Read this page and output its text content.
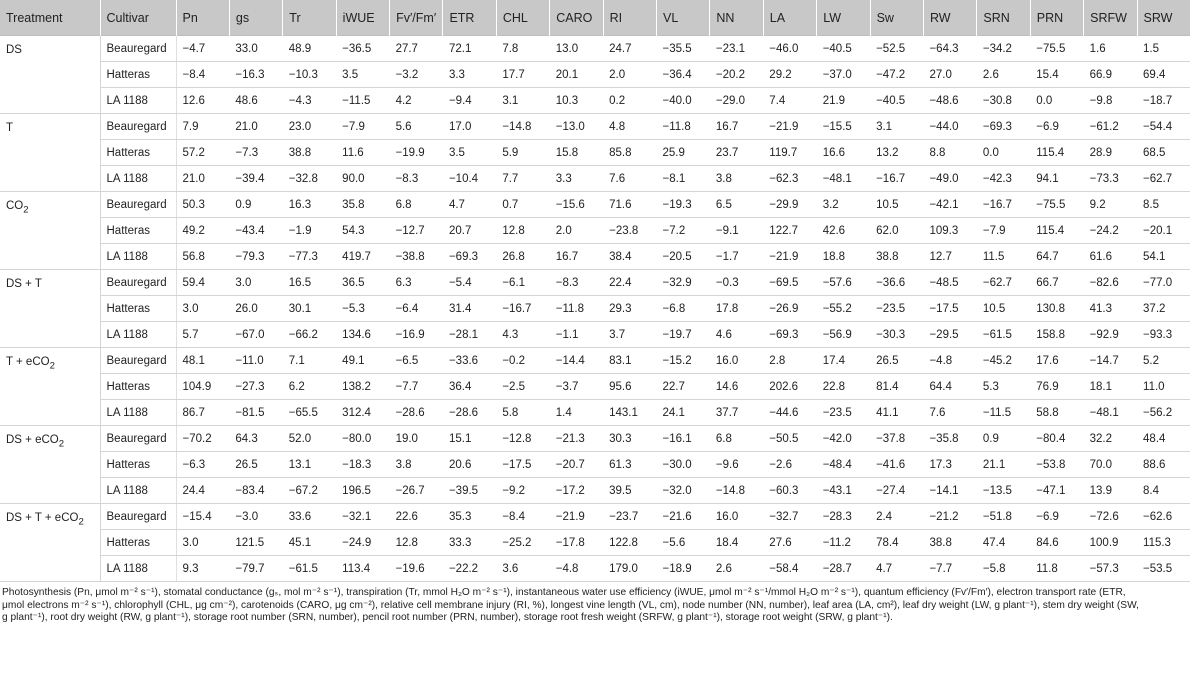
Treatment	Cultivar	Pn	gs	Tr	iWUE	Fv′/Fm′	ETR	CHL	CARO	RI	VL	NN	LA	LW	Sw	RW	SRN	PRN	SRFW	SRW
DS	Beauregard	−4.7	33.0	48.9	−36.5	27.7	72.1	7.8	13.0	24.7	−35.5	−23.1	−46.0	−40.5	−52.5	−64.3	−34.2	−75.5	1.6	1.5
	Hatteras	−8.4	−16.3	−10.3	3.5	−3.2	3.3	17.7	20.1	2.0	−36.4	−20.2	29.2	−37.0	−47.2	27.0	2.6	15.4	66.9	69.4
	LA 1188	12.6	48.6	−4.3	−11.5	4.2	−9.4	3.1	10.3	0.2	−40.0	−29.0	7.4	21.9	−40.5	−48.6	−30.8	0.0	−9.8	−18.7
T	Beauregard	7.9	21.0	23.0	−7.9	5.6	17.0	−14.8	−13.0	4.8	−11.8	16.7	−21.9	−15.5	3.1	−44.0	−69.3	−6.9	−61.2	−54.4
	Hatteras	57.2	−7.3	38.8	11.6	−19.9	3.5	5.9	15.8	85.8	25.9	23.7	119.7	16.6	13.2	8.8	0.0	115.4	28.9	68.5
	LA 1188	21.0	−39.4	−32.8	90.0	−8.3	−10.4	7.7	3.3	7.6	−8.1	3.8	−62.3	−48.1	−16.7	−49.0	−42.3	94.1	−73.3	−62.7
$CO_2$	Beauregard	50.3	0.9	16.3	35.8	6.8	4.7	0.7	−15.6	71.6	−19.3	6.5	−29.9	3.2	10.5	−42.1	−16.7	−75.5	9.2	8.5
	Hatteras	49.2	−43.4	−1.9	54.3	−12.7	20.7	12.8	2.0	−23.8	−7.2	−9.1	122.7	42.6	62.0	109.3	−7.9	115.4	−24.2	−20.1
	LA 1188	56.8	−79.3	−77.3	419.7	−38.8	−69.3	26.8	16.7	38.4	−20.5	−1.7	−21.9	18.8	38.8	12.7	11.5	64.7	61.6	54.1
DS + T	Beauregard	59.4	3.0	16.5	36.5	6.3	−5.4	−6.1	−8.3	22.4	−32.9	−0.3	−69.5	−57.6	−36.6	−48.5	−62.7	66.7	−82.6	−77.0
	Hatteras	3.0	26.0	30.1	−5.3	−6.4	31.4	−16.7	−11.8	29.3	−6.8	17.8	−26.9	−55.2	−23.5	−17.5	10.5	130.8	41.3	37.2
	LA 1188	5.7	−67.0	−66.2	134.6	−16.9	−28.1	4.3	−1.1	3.7	−19.7	4.6	−69.3	−56.9	−30.3	−29.5	−61.5	158.8	−92.9	−93.3
T + eCO$_2$	Beauregard	48.1	−11.0	7.1	49.1	−6.5	−33.6	−0.2	−14.4	83.1	−15.2	16.0	2.8	17.4	26.5	−4.8	−45.2	17.6	−14.7	5.2
	Hatteras	104.9	−27.3	6.2	138.2	−7.7	36.4	−2.5	−3.7	95.6	22.7	14.6	202.6	22.8	81.4	64.4	5.3	76.9	18.1	11.0
	LA 1188	86.7	−81.5	−65.5	312.4	−28.6	−28.6	5.8	1.4	143.1	24.1	37.7	−44.6	−23.5	41.1	7.6	−11.5	58.8	−48.1	−56.2
DS + eCO$_2$	Beauregard	−70.2	64.3	52.0	−80.0	19.0	15.1	−12.8	−21.3	30.3	−16.1	6.8	−50.5	−42.0	−37.8	−35.8	0.9	−80.4	32.2	48.4
	Hatteras	−6.3	26.5	13.1	−18.3	3.8	20.6	−17.5	−20.7	61.3	−30.0	−9.6	−2.6	−48.4	−41.6	17.3	21.1	−53.8	70.0	88.6
	LA 1188	24.4	−83.4	−67.2	196.5	−26.7	−39.5	−9.2	−17.2	39.5	−32.0	−14.8	−60.3	−43.1	−27.4	−14.1	−13.5	−47.1	13.9	8.4
DS + T + eCO$_2$	Beauregard	−15.4	−3.0	33.6	−32.1	22.6	35.3	−8.4	−21.9	−23.7	−21.6	16.0	−32.7	−28.3	2.4	−21.2	−51.8	−6.9	−72.6	−62.6
	Hatteras	3.0	121.5	45.1	−24.9	12.8	33.3	−25.2	−17.8	122.8	−5.6	18.4	27.6	−11.2	78.4	38.8	47.4	84.6	100.9	115.3
	LA 1188	9.3	−79.7	−61.5	113.4	−19.6	−22.2	3.6	−4.8	179.0	−18.9	2.6	−58.4	−28.7	4.7	−7.7	−5.8	11.8	−57.3	−53.5
Photosynthesis (Pn, μmol m⁻² s⁻¹), stomatal conductance (gₛ, mol m⁻² s⁻¹), transpiration (Tr, mmol H₂O m⁻² s⁻¹), instantaneous water use efficiency (iWUE, μmol m⁻² s⁻¹/mmol H₂O m⁻² s⁻¹), quantum efficiency (Fv′/Fm′), electron transport rate (ETR, μmol electrons m⁻² s⁻¹), chlorophyll (CHL, μg cm⁻²), carotenoids (CARO, μg cm⁻²), relative cell membrane injury (RI, %), longest vine length (VL, cm), node number (NN, number), leaf area (LA, cm²), leaf dry weight (LW, g plant⁻¹), stem dry weight (SW, g plant⁻¹), root dry weight (RW, g plant⁻¹), storage root number (SRN, number), pencil root number (PRN, number), storage root fresh weight (SRFW, g plant⁻¹), storage root weight (SRW, g plant⁻¹).
